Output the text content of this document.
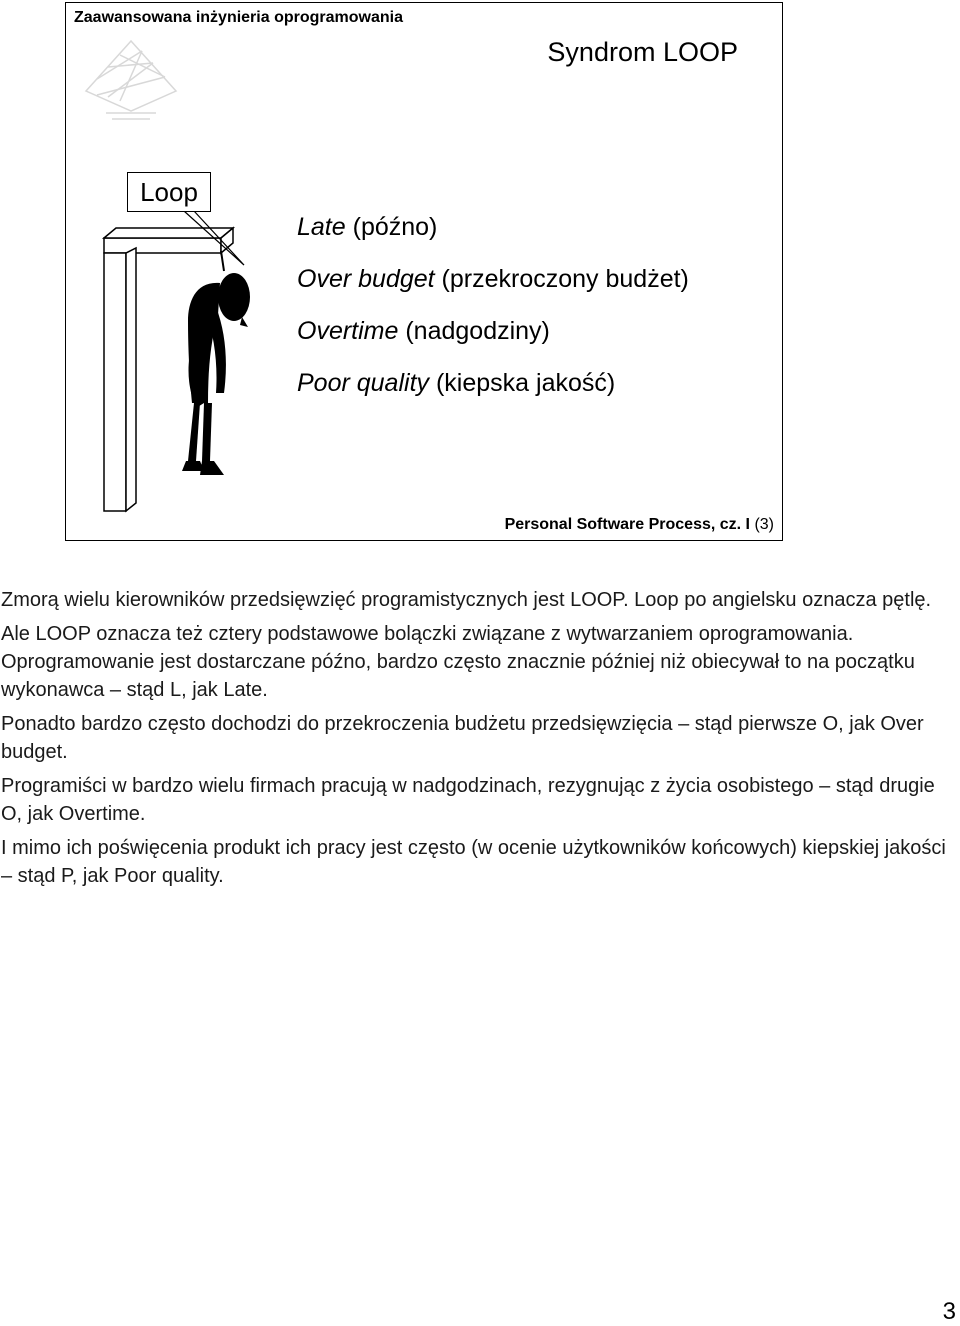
Zaawansowana inżynieria oprogramowania
Syndrom LOOP
Loop
Late (późno)
Over budget (przekroczony budżet)
Overtime (nadgodziny)
Poor quality (kiepska jakość)
Personal Software Process, cz. I (3)

Zmorą wielu kierowników przedsięwzięć programistycznych jest LOOP. Loop po angielsku oznacza pętlę.

Ale LOOP oznacza też cztery podstawowe bolączki związane z wytwarzaniem oprogramowania. Oprogramowanie jest dostarczane późno, bardzo często znacznie później niż obiecywał to na początku wykonawca – stąd L, jak Late.

Ponadto bardzo często dochodzi do przekroczenia budżetu przedsięwzięcia – stąd pierwsze O, jak Over budget.

Programiści w bardzo wielu firmach pracują w nadgodzinach, rezygnując z życia osobistego – stąd drugie O, jak Overtime.

I mimo ich poświęcenia produkt ich pracy jest często (w ocenie użytkowników końcowych) kiepskiej jakości – stąd P, jak Poor quality.

3
